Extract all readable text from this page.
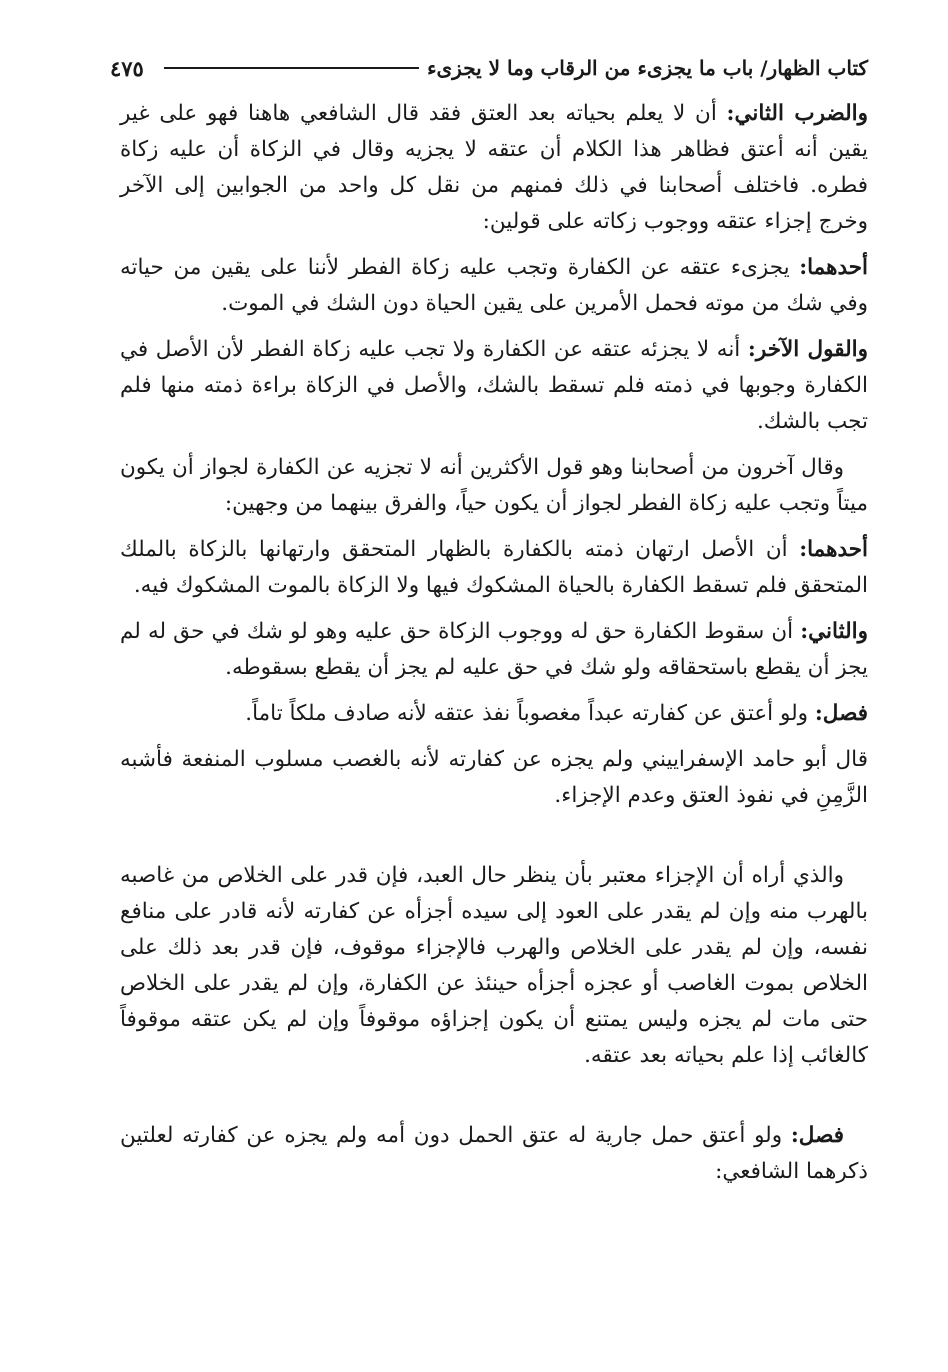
٤٧٥	كتاب الظهار/ باب ما يجزىء من الرقاب وما لا يجزىء

والضرب الثاني: أن لا يعلم بحياته بعد العتق فقد قال الشافعي هاهنا فهو على غير يقين أنه أعتق فظاهر هذا الكلام أن عتقه لا يجزيه وقال في الزكاة أن عليه زكاة فطره. فاختلف أصحابنا في ذلك فمنهم من نقل كل واحد من الجوابين إلى الآخر وخرج إجزاء عتقه ووجوب زكاته على قولين:

أحدهما: يجزىء عتقه عن الكفارة وتجب عليه زكاة الفطر لأننا على يقين من حياته وفي شك من موته فحمل الأمرين على يقين الحياة دون الشك في الموت.

والقول الآخر: أنه لا يجزئه عتقه عن الكفارة ولا تجب عليه زكاة الفطر لأن الأصل في الكفارة وجوبها في ذمته فلم تسقط بالشك، والأصل في الزكاة براءة ذمته منها فلم تجب بالشك.

وقال آخرون من أصحابنا وهو قول الأكثرين أنه لا تجزيه عن الكفارة لجواز أن يكون ميتاً وتجب عليه زكاة الفطر لجواز أن يكون حياً، والفرق بينهما من وجهين:

أحدهما: أن الأصل ارتهان ذمته بالكفارة بالظهار المتحقق وارتهانها بالزكاة بالملك المتحقق فلم تسقط الكفارة بالحياة المشكوك فيها ولا الزكاة بالموت المشكوك فيه.

والثاني: أن سقوط الكفارة حق له ووجوب الزكاة حق عليه وهو لو شك في حق له لم يجز أن يقطع باستحقاقه ولو شك في حق عليه لم يجز أن يقطع بسقوطه.

فصل: ولو أعتق عن كفارته عبداً مغصوباً نفذ عتقه لأنه صادف ملكاً تاماً.

قال أبو حامد الإسفراييني ولم يجزه عن كفارته لأنه بالغصب مسلوب المنفعة فأشبه الزَّمِنِ في نفوذ العتق وعدم الإجزاء.

والذي أراه أن الإجزاء معتبر بأن ينظر حال العبد، فإن قدر على الخلاص من غاصبه بالهرب منه وإن لم يقدر على العود إلى سيده أجزأه عن كفارته لأنه قادر على منافع نفسه، وإن لم يقدر على الخلاص والهرب فالإجزاء موقوف، فإن قدر بعد ذلك على الخلاص بموت الغاصب أو عجزه أجزأه حينئذ عن الكفارة، وإن لم يقدر على الخلاص حتى مات لم يجزه وليس يمتنع أن يكون إجزاؤه موقوفاً وإن لم يكن عتقه موقوفاً كالغائب إذا علم بحياته بعد عتقه.

فصل: ولو أعتق حمل جارية له عتق الحمل دون أمه ولم يجزه عن كفارته لعلتين ذكرهما الشافعي:
